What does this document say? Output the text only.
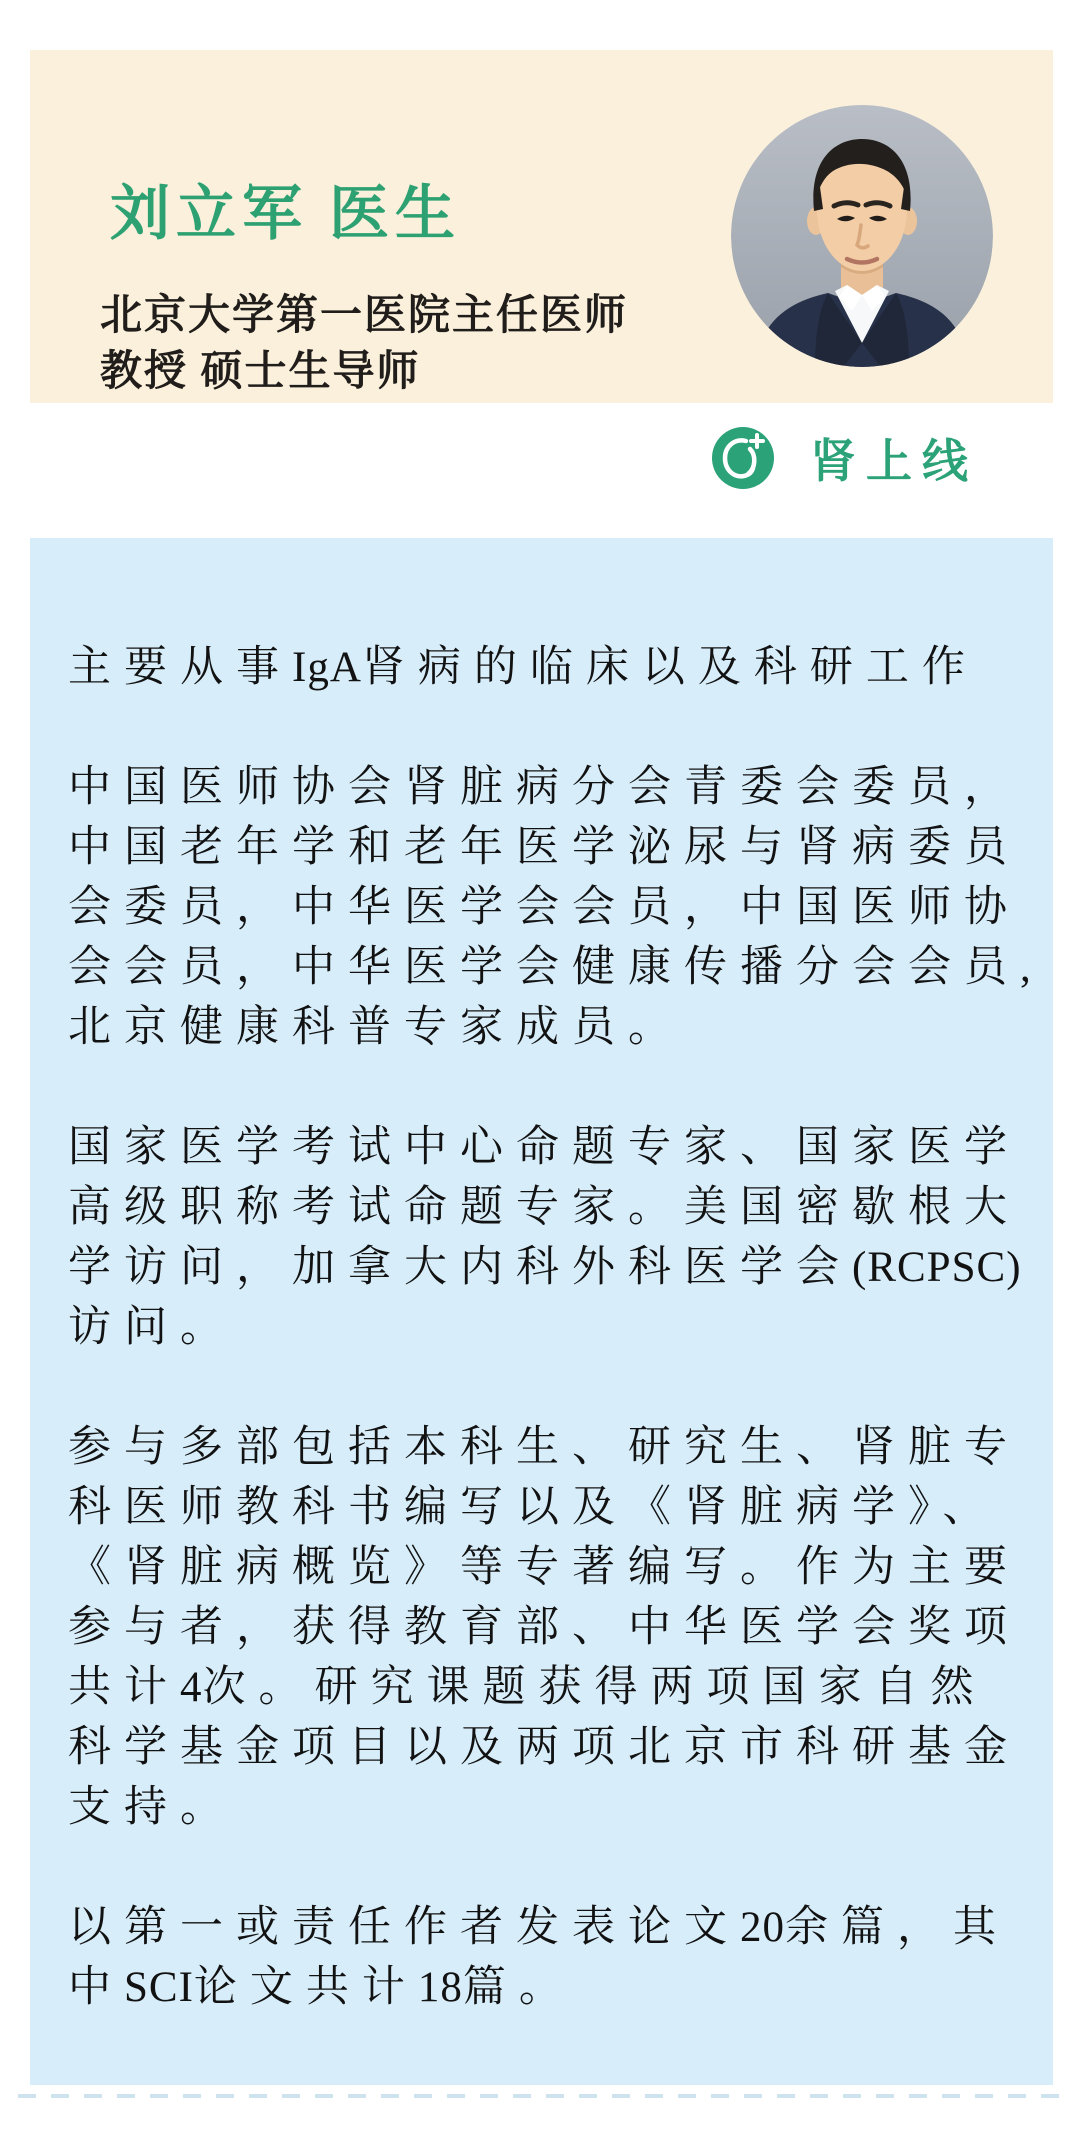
刘立军 医生
北京大学第一医院主任医师
教授 硕士生导师
肾上线
主要从事IgA肾病的临床以及科研工作
中国医师协会肾脏病分会青委会委员，
中国老年学和老年医学泌尿与肾病委员
会委员，中华医学会会员，中国医师协
会会员，中华医学会健康传播分会会员,
北京健康科普专家成员。
国家医学考试中心命题专家、国家医学
高级职称考试命题专家。美国密歇根大
学访问，加拿大内科外科医学会(RCPSC)
访问。
参与多部包括本科生、研究生、肾脏专
科医师教科书编写以及《肾脏病学》、
《肾脏病概览》等专著编写。作为主要
参与者，获得教育部、中华医学会奖项
共计4次。研究课题获得两项国家自然
科学基金项目以及两项北京市科研基金
支持。
以第一或责任作者发表论文20余篇，其
中SCI论文共计18篇。
